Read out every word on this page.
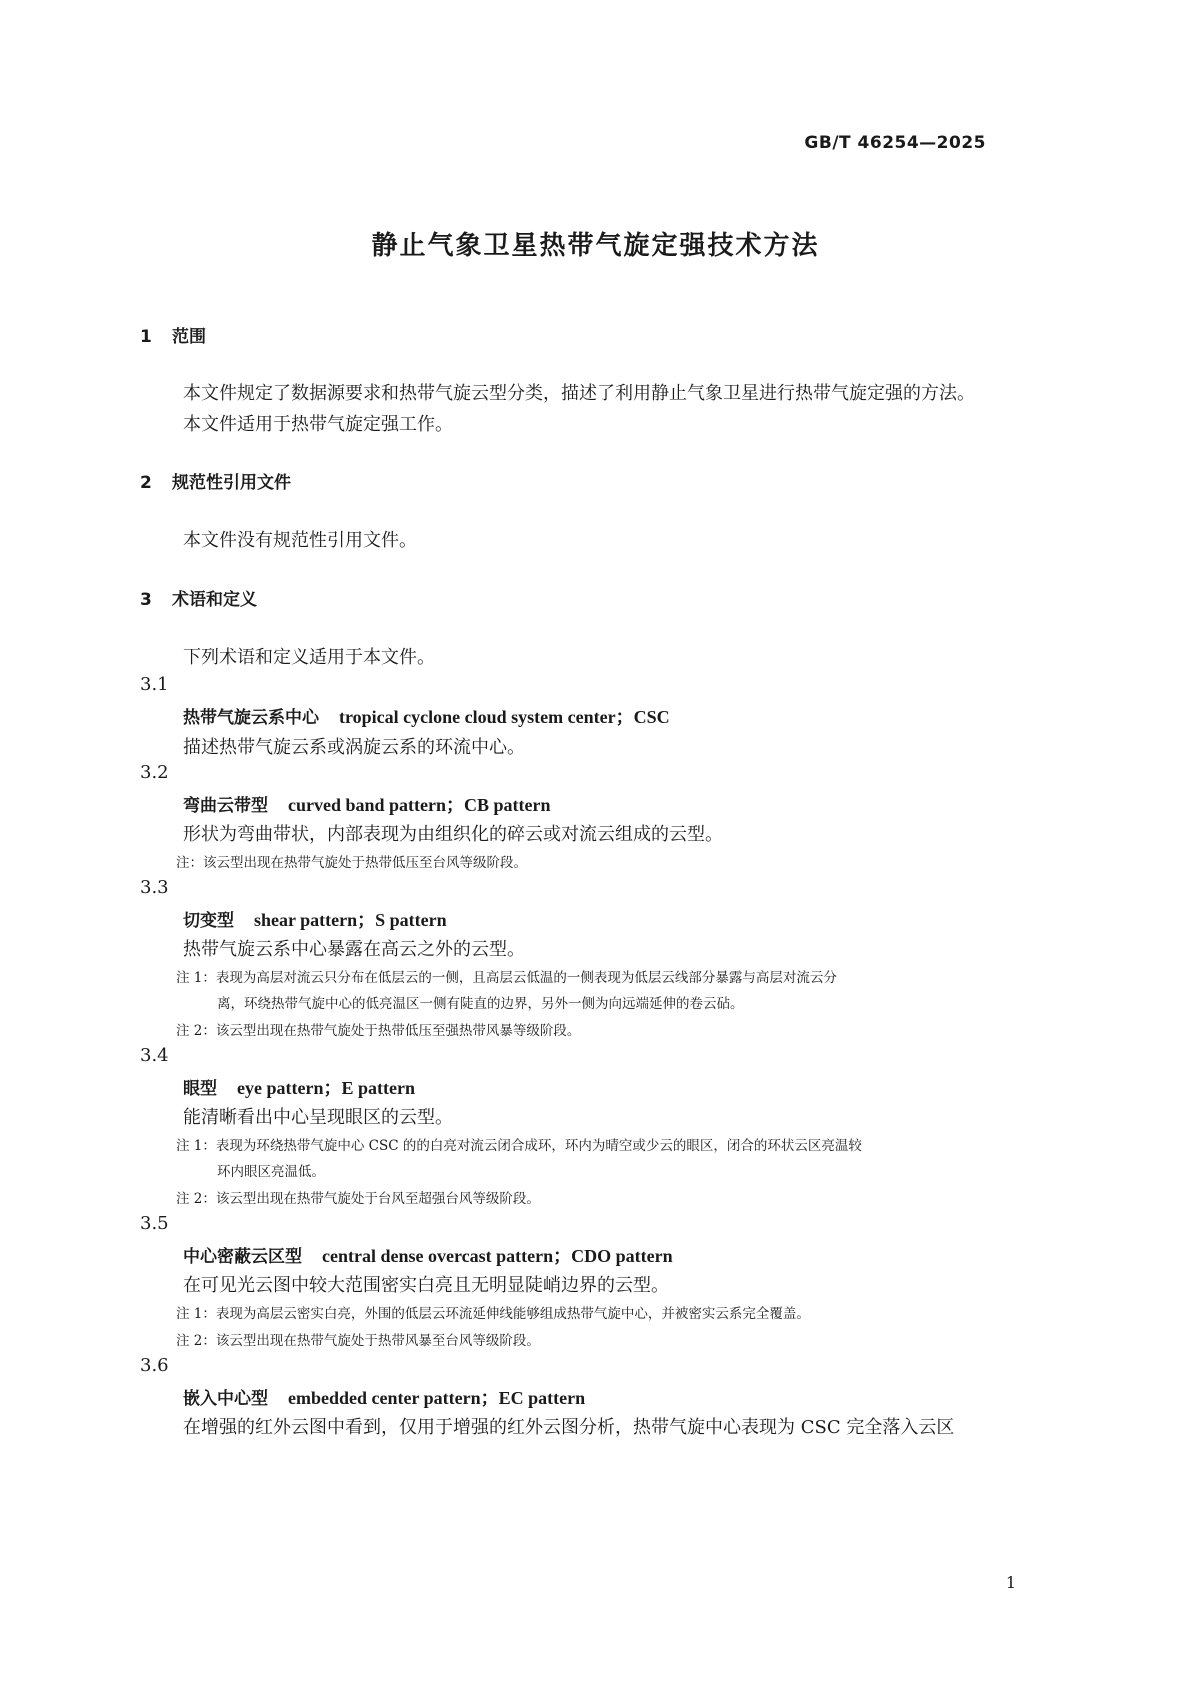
GB/T 46254—2025
静止气象卫星热带气旋定强技术方法
1 范围
本文件规定了数据源要求和热带气旋云型分类，描述了利用静止气象卫星进行热带气旋定强的方法。
本文件适用于热带气旋定强工作。
2 规范性引用文件
本文件没有规范性引用文件。
3 术语和定义
下列术语和定义适用于本文件。
3.1
热带气旋云系中心 tropical cyclone cloud system center；CSC
描述热带气旋云系或涡旋云系的环流中心。
3.2
弯曲云带型 curved band pattern；CB pattern
形状为弯曲带状，内部表现为由组织化的碎云或对流云组成的云型。
注：该云型出现在热带气旋处于热带低压至台风等级阶段。
3.3
切变型 shear pattern；S pattern
热带气旋云系中心暴露在高云之外的云型。
注 1：表现为高层对流云只分布在低层云的一侧，且高层云低温的一侧表现为低层云线部分暴露与高层对流云分
离，环绕热带气旋中心的低亮温区一侧有陡直的边界，另外一侧为向远端延伸的卷云砧。
注 2：该云型出现在热带气旋处于热带低压至强热带风暴等级阶段。
3.4
眼型 eye pattern；E pattern
能清晰看出中心呈现眼区的云型。
注 1：表现为环绕热带气旋中心 CSC 的的白亮对流云闭合成环，环内为晴空或少云的眼区，闭合的环状云区亮温较
环内眼区亮温低。
注 2：该云型出现在热带气旋处于台风至超强台风等级阶段。
3.5
中心密蔽云区型 central dense overcast pattern；CDO pattern
在可见光云图中较大范围密实白亮且无明显陡峭边界的云型。
注 1：表现为高层云密实白亮，外围的低层云环流延伸线能够组成热带气旋中心，并被密实云系完全覆盖。
注 2：该云型出现在热带气旋处于热带风暴至台风等级阶段。
3.6
嵌入中心型 embedded center pattern；EC pattern
在增强的红外云图中看到，仅用于增强的红外云图分析，热带气旋中心表现为 CSC 完全落入云区
1
